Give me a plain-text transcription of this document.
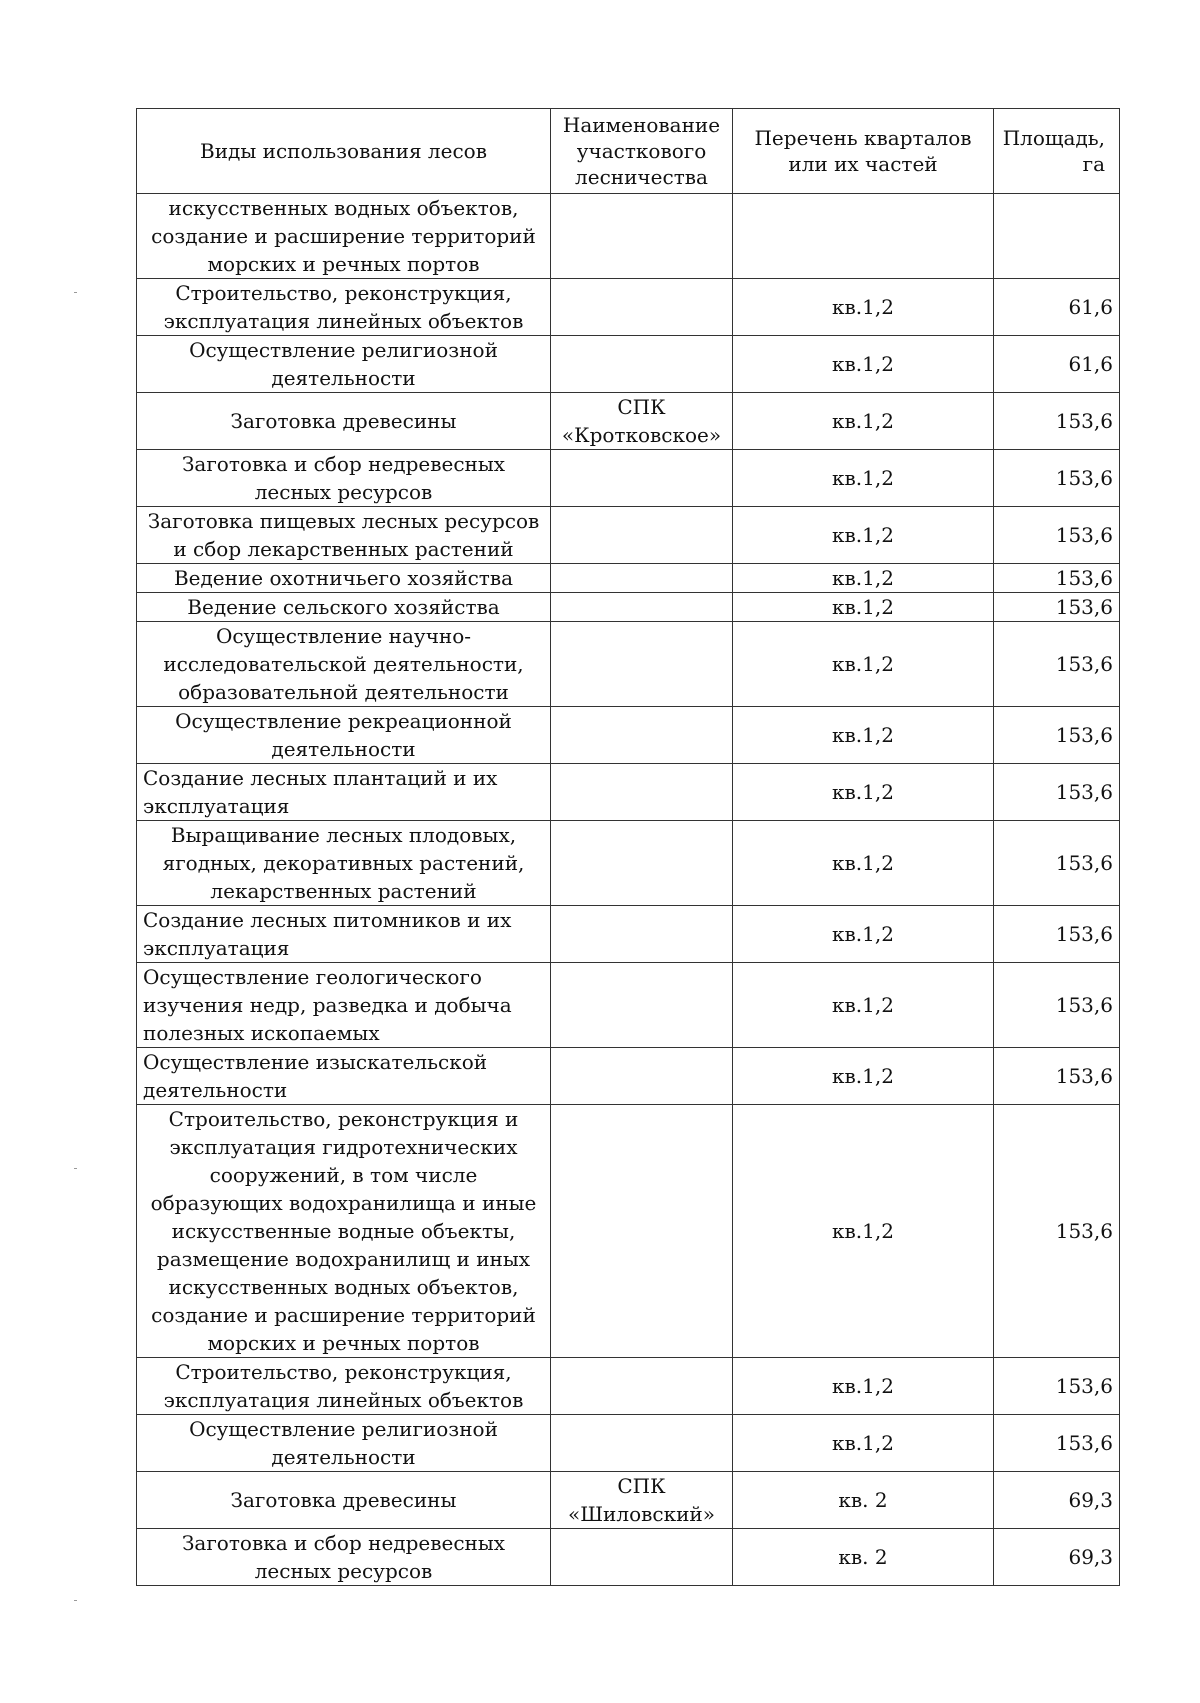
Виды использования лесов	Наименование участкового лесничества	Перечень кварталов или их частей	Площадь, га
искусственных водных объектов, создание и расширение территорий морских и речных портов			
Строительство, реконструкция, эксплуатация линейных объектов		кв.1,2	61,6
Осуществление религиозной деятельности		кв.1,2	61,6
Заготовка древесины	СПК «Кротковское»	кв.1,2	153,6
Заготовка и сбор недревесных лесных ресурсов		кв.1,2	153,6
Заготовка пищевых лесных ресурсов и сбор лекарственных растений		кв.1,2	153,6
Ведение охотничьего хозяйства		кв.1,2	153,6
Ведение сельского хозяйства		кв.1,2	153,6
Осуществление научно-исследовательской деятельности, образовательной деятельности		кв.1,2	153,6
Осуществление рекреационной деятельности		кв.1,2	153,6
Создание лесных плантаций и их эксплуатация		кв.1,2	153,6
Выращивание лесных плодовых, ягодных, декоративных растений, лекарственных растений		кв.1,2	153,6
Создание лесных питомников и их эксплуатация		кв.1,2	153,6
Осуществление геологического изучения недр, разведка и добыча полезных ископаемых		кв.1,2	153,6
Осуществление изыскательской деятельности		кв.1,2	153,6
Строительство, реконструкция и эксплуатация гидротехнических сооружений, в том числе образующих водохранилища и иные искусственные водные объекты, размещение водохранилищ и иных искусственных водных объектов, создание и расширение территорий морских и речных портов		кв.1,2	153,6
Строительство, реконструкция, эксплуатация линейных объектов		кв.1,2	153,6
Осуществление религиозной деятельности		кв.1,2	153,6
Заготовка древесины	СПК «Шиловский»	кв. 2	69,3
Заготовка и сбор недревесных лесных ресурсов		кв. 2	69,3
